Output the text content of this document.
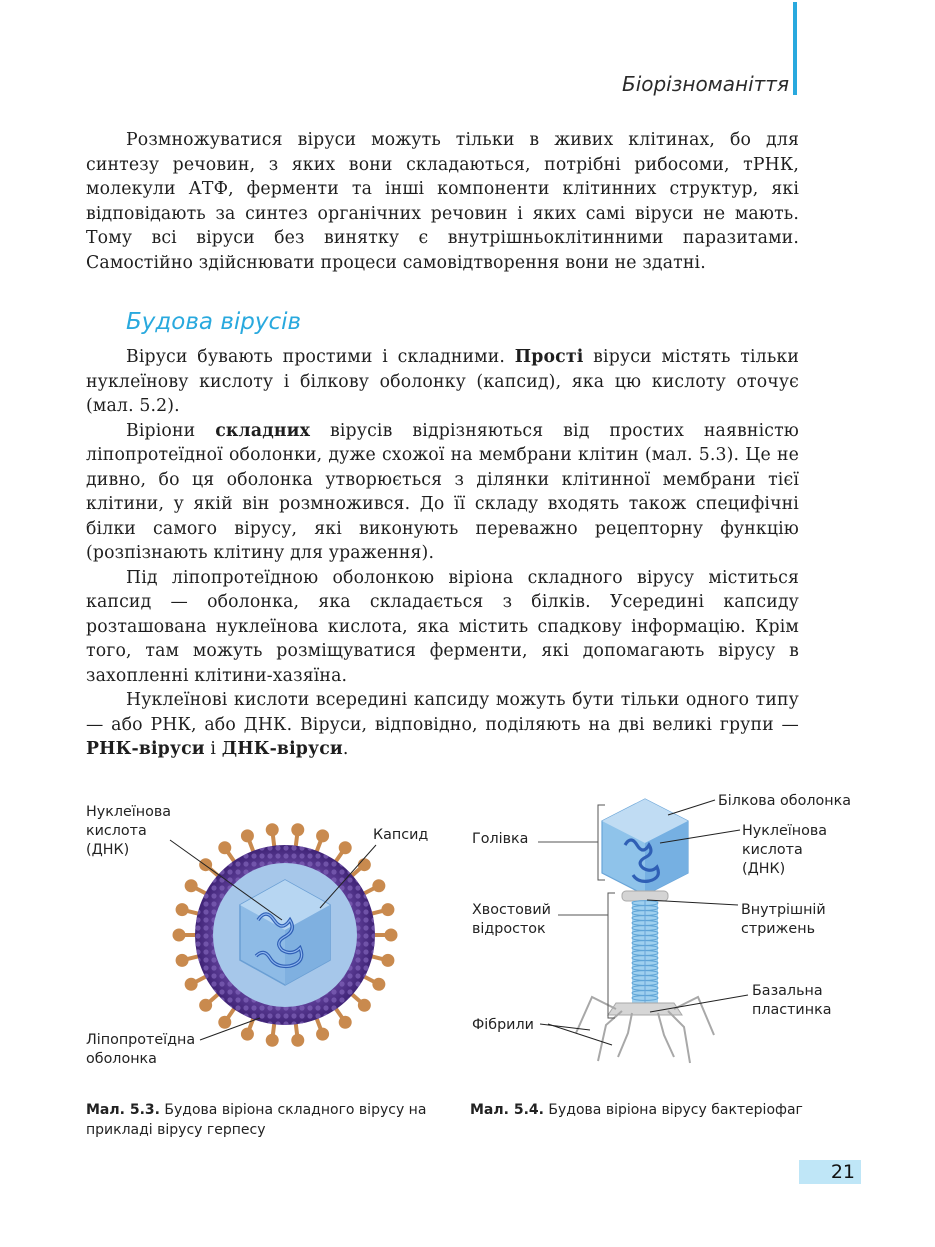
Біорізноманіття

Розмножуватися віруси можуть тільки в живих клітинах, бо для синтезу речовин, з яких вони складаються, потрібні рибосоми, тРНК, молекули АТФ, ферменти та інші компоненти клітинних структур, які відповідають за синтез органічних речовин і яких самі віруси не мають. Тому всі віруси без винятку є внутрішньоклітинними паразитами. Самостійно здійснювати процеси самовідтворення вони не здатні.

Будова вірусів

Віруси бувають простими і складними. Прості віруси містять тільки нуклеїнову кислоту і білкову оболонку (капсид), яка цю кислоту оточує (мал. 5.2).

Віріони складних вірусів відрізняються від простих наявністю ліпопротеїдної оболонки, дуже схожої на мембрани клітин (мал. 5.3). Це не дивно, бо ця оболонка утворюється з ділянки клітинної мембрани тієї клітини, у якій він розмножився. До її складу входять також специфічні білки самого вірусу, які виконують переважно рецепторну функцію (розпізнають клітину для ураження).

Під ліпопротеїдною оболонкою віріона складного вірусу міститься капсид — оболонка, яка складається з білків. Усередині капсиду розташована нуклеїнова кислота, яка містить спадкову інформацію. Крім того, там можуть розміщуватися ферменти, які допомагають вірусу в захопленні клітини-хазяїна.

Нуклеїнові кислоти всередині капсиду можуть бути тільки одного типу — або РНК, або ДНК. Віруси, відповідно, поділяють на дві великі групи — РНК-віруси і ДНК-віруси.

Нуклеїнова
кислота
(ДНК)
Капсид
Ліпопротеїдна
оболонка
Мал. 5.3. Будова віріона складного вірусу на прикладі вірусу герпесу
Білкова оболонка
Голівка	Нуклеїнова
кислота
(ДНК)
Хвостовий
відросток
Внутрішній
стрижень
Базальна
пластинка
Фібрили
Мал. 5.4. Будова віріона вірусу бактеріофаг
21
